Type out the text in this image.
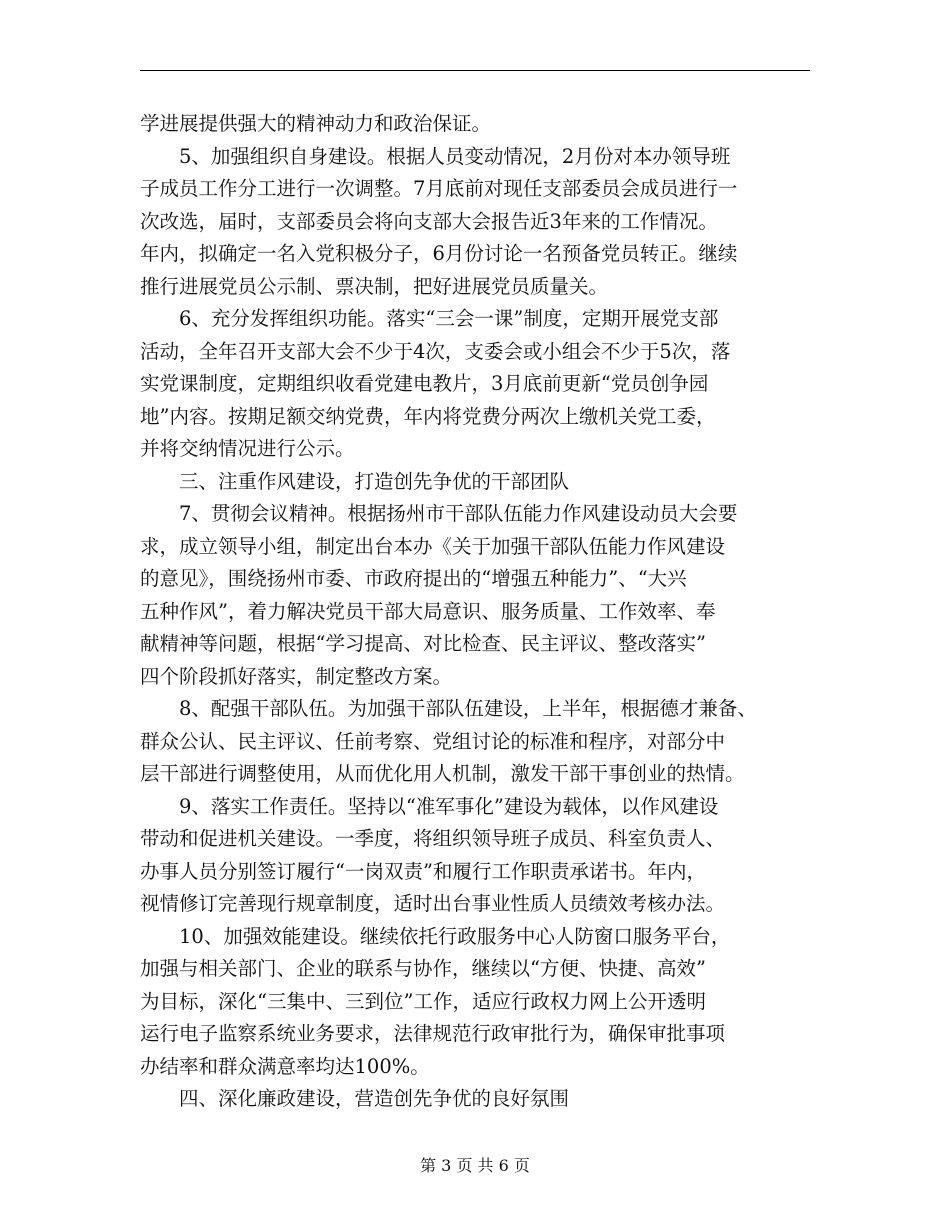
学进展提供强大的精神动力和政治保证。
5、加强组织自身建设。根据人员变动情况，2月份对本办领导班
子成员工作分工进行一次调整。7月底前对现任支部委员会成员进行一
次改选，届时，支部委员会将向支部大会报告近3年来的工作情况。
年内，拟确定一名入党积极分子，6月份讨论一名预备党员转正。继续
推行进展党员公示制、票决制，把好进展党员质量关。
6、充分发挥组织功能。落实“三会一课”制度，定期开展党支部
活动，全年召开支部大会不少于4次，支委会或小组会不少于5次，落
实党课制度，定期组织收看党建电教片，3月底前更新“党员创争园
地”内容。按期足额交纳党费，年内将党费分两次上缴机关党工委，
并将交纳情况进行公示。
三、注重作风建设，打造创先争优的干部团队
7、贯彻会议精神。根据扬州市干部队伍能力作风建设动员大会要
求，成立领导小组，制定出台本办《关于加强干部队伍能力作风建设
的意见》，围绕扬州市委、市政府提出的“增强五种能力”、“大兴
五种作风”，着力解决党员干部大局意识、服务质量、工作效率、奉
献精神等问题，根据“学习提高、对比检查、民主评议、整改落实”
四个阶段抓好落实，制定整改方案。
8、配强干部队伍。为加强干部队伍建设，上半年，根据德才兼备、
群众公认、民主评议、任前考察、党组讨论的标准和程序，对部分中
层干部进行调整使用，从而优化用人机制，激发干部干事创业的热情。
9、落实工作责任。坚持以“准军事化”建设为载体，以作风建设
带动和促进机关建设。一季度，将组织领导班子成员、科室负责人、
办事人员分别签订履行“一岗双责”和履行工作职责承诺书。年内，
视情修订完善现行规章制度，适时出台事业性质人员绩效考核办法。
10、加强效能建设。继续依托行政服务中心人防窗口服务平台，
加强与相关部门、企业的联系与协作，继续以“方便、快捷、高效”
为目标，深化“三集中、三到位”工作，适应行政权力网上公开透明
运行电子监察系统业务要求，法律规范行政审批行为，确保审批事项
办结率和群众满意率均达100%。
四、深化廉政建设，营造创先争优的良好氛围
第 3 页 共 6 页
